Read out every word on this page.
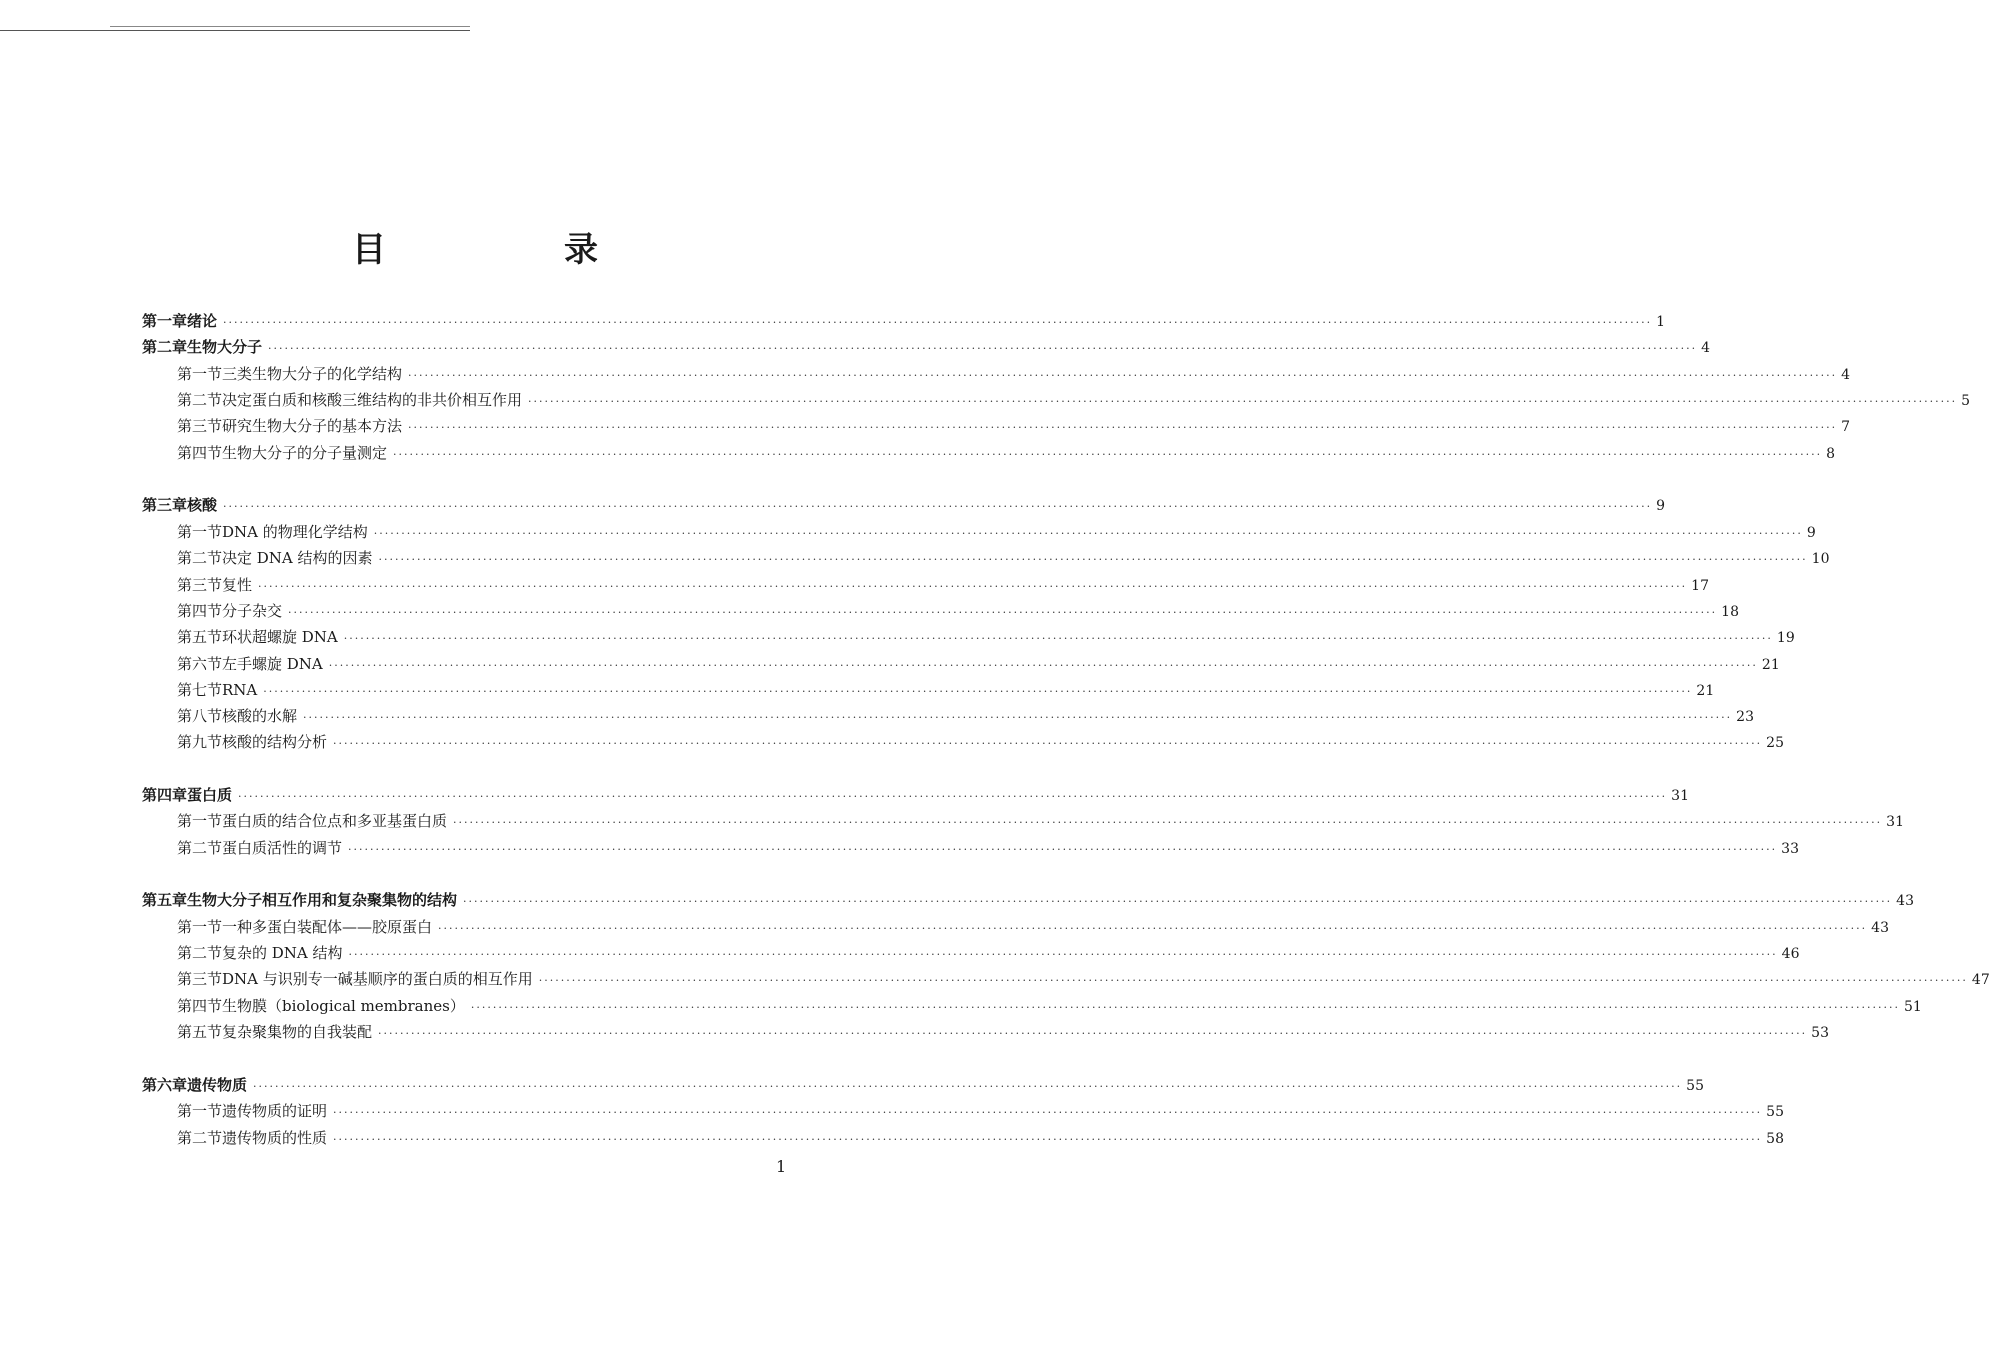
目　录
第一章 绪论 ···································································································································································································································································· 1
第二章 生物大分子 ···································································································································································································································································· 4
第一节 三类生物大分子的化学结构 ···································································································································································································································································· 4
第二节 决定蛋白质和核酸三维结构的非共价相互作用 ···································································································································································································································································· 5
第三节 研究生物大分子的基本方法 ···································································································································································································································································· 7
第四节 生物大分子的分子量测定 ···································································································································································································································································· 8
第三章 核酸 ···································································································································································································································································· 9
第一节 DNA 的物理化学结构 ···································································································································································································································································· 9
第二节 决定 DNA 结构的因素 ···································································································································································································································································· 10
第三节 复性 ···································································································································································································································································· 17
第四节 分子杂交 ···································································································································································································································································· 18
第五节 环状超螺旋 DNA ···································································································································································································································································· 19
第六节 左手螺旋 DNA ···································································································································································································································································· 21
第七节 RNA ···································································································································································································································································· 21
第八节 核酸的水解 ···································································································································································································································································· 23
第九节 核酸的结构分析 ···································································································································································································································································· 25
第四章 蛋白质 ···································································································································································································································································· 31
第一节 蛋白质的结合位点和多亚基蛋白质 ···································································································································································································································································· 31
第二节 蛋白质活性的调节 ···································································································································································································································································· 33
第五章 生物大分子相互作用和复杂聚集物的结构 ···································································································································································································································································· 43
第一节 一种多蛋白装配体——胶原蛋白 ···································································································································································································································································· 43
第二节 复杂的 DNA 结构 ···································································································································································································································································· 46
第三节 DNA 与识别专一碱基顺序的蛋白质的相互作用 ···································································································································································································································································· 47
第四节 生物膜（biological membranes） ···································································································································································································································································· 51
第五节 复杂聚集物的自我装配 ···································································································································································································································································· 53
第六章 遗传物质 ···································································································································································································································································· 55
第一节 遗传物质的证明 ···································································································································································································································································· 55
第二节 遗传物质的性质 ···································································································································································································································································· 58
1
